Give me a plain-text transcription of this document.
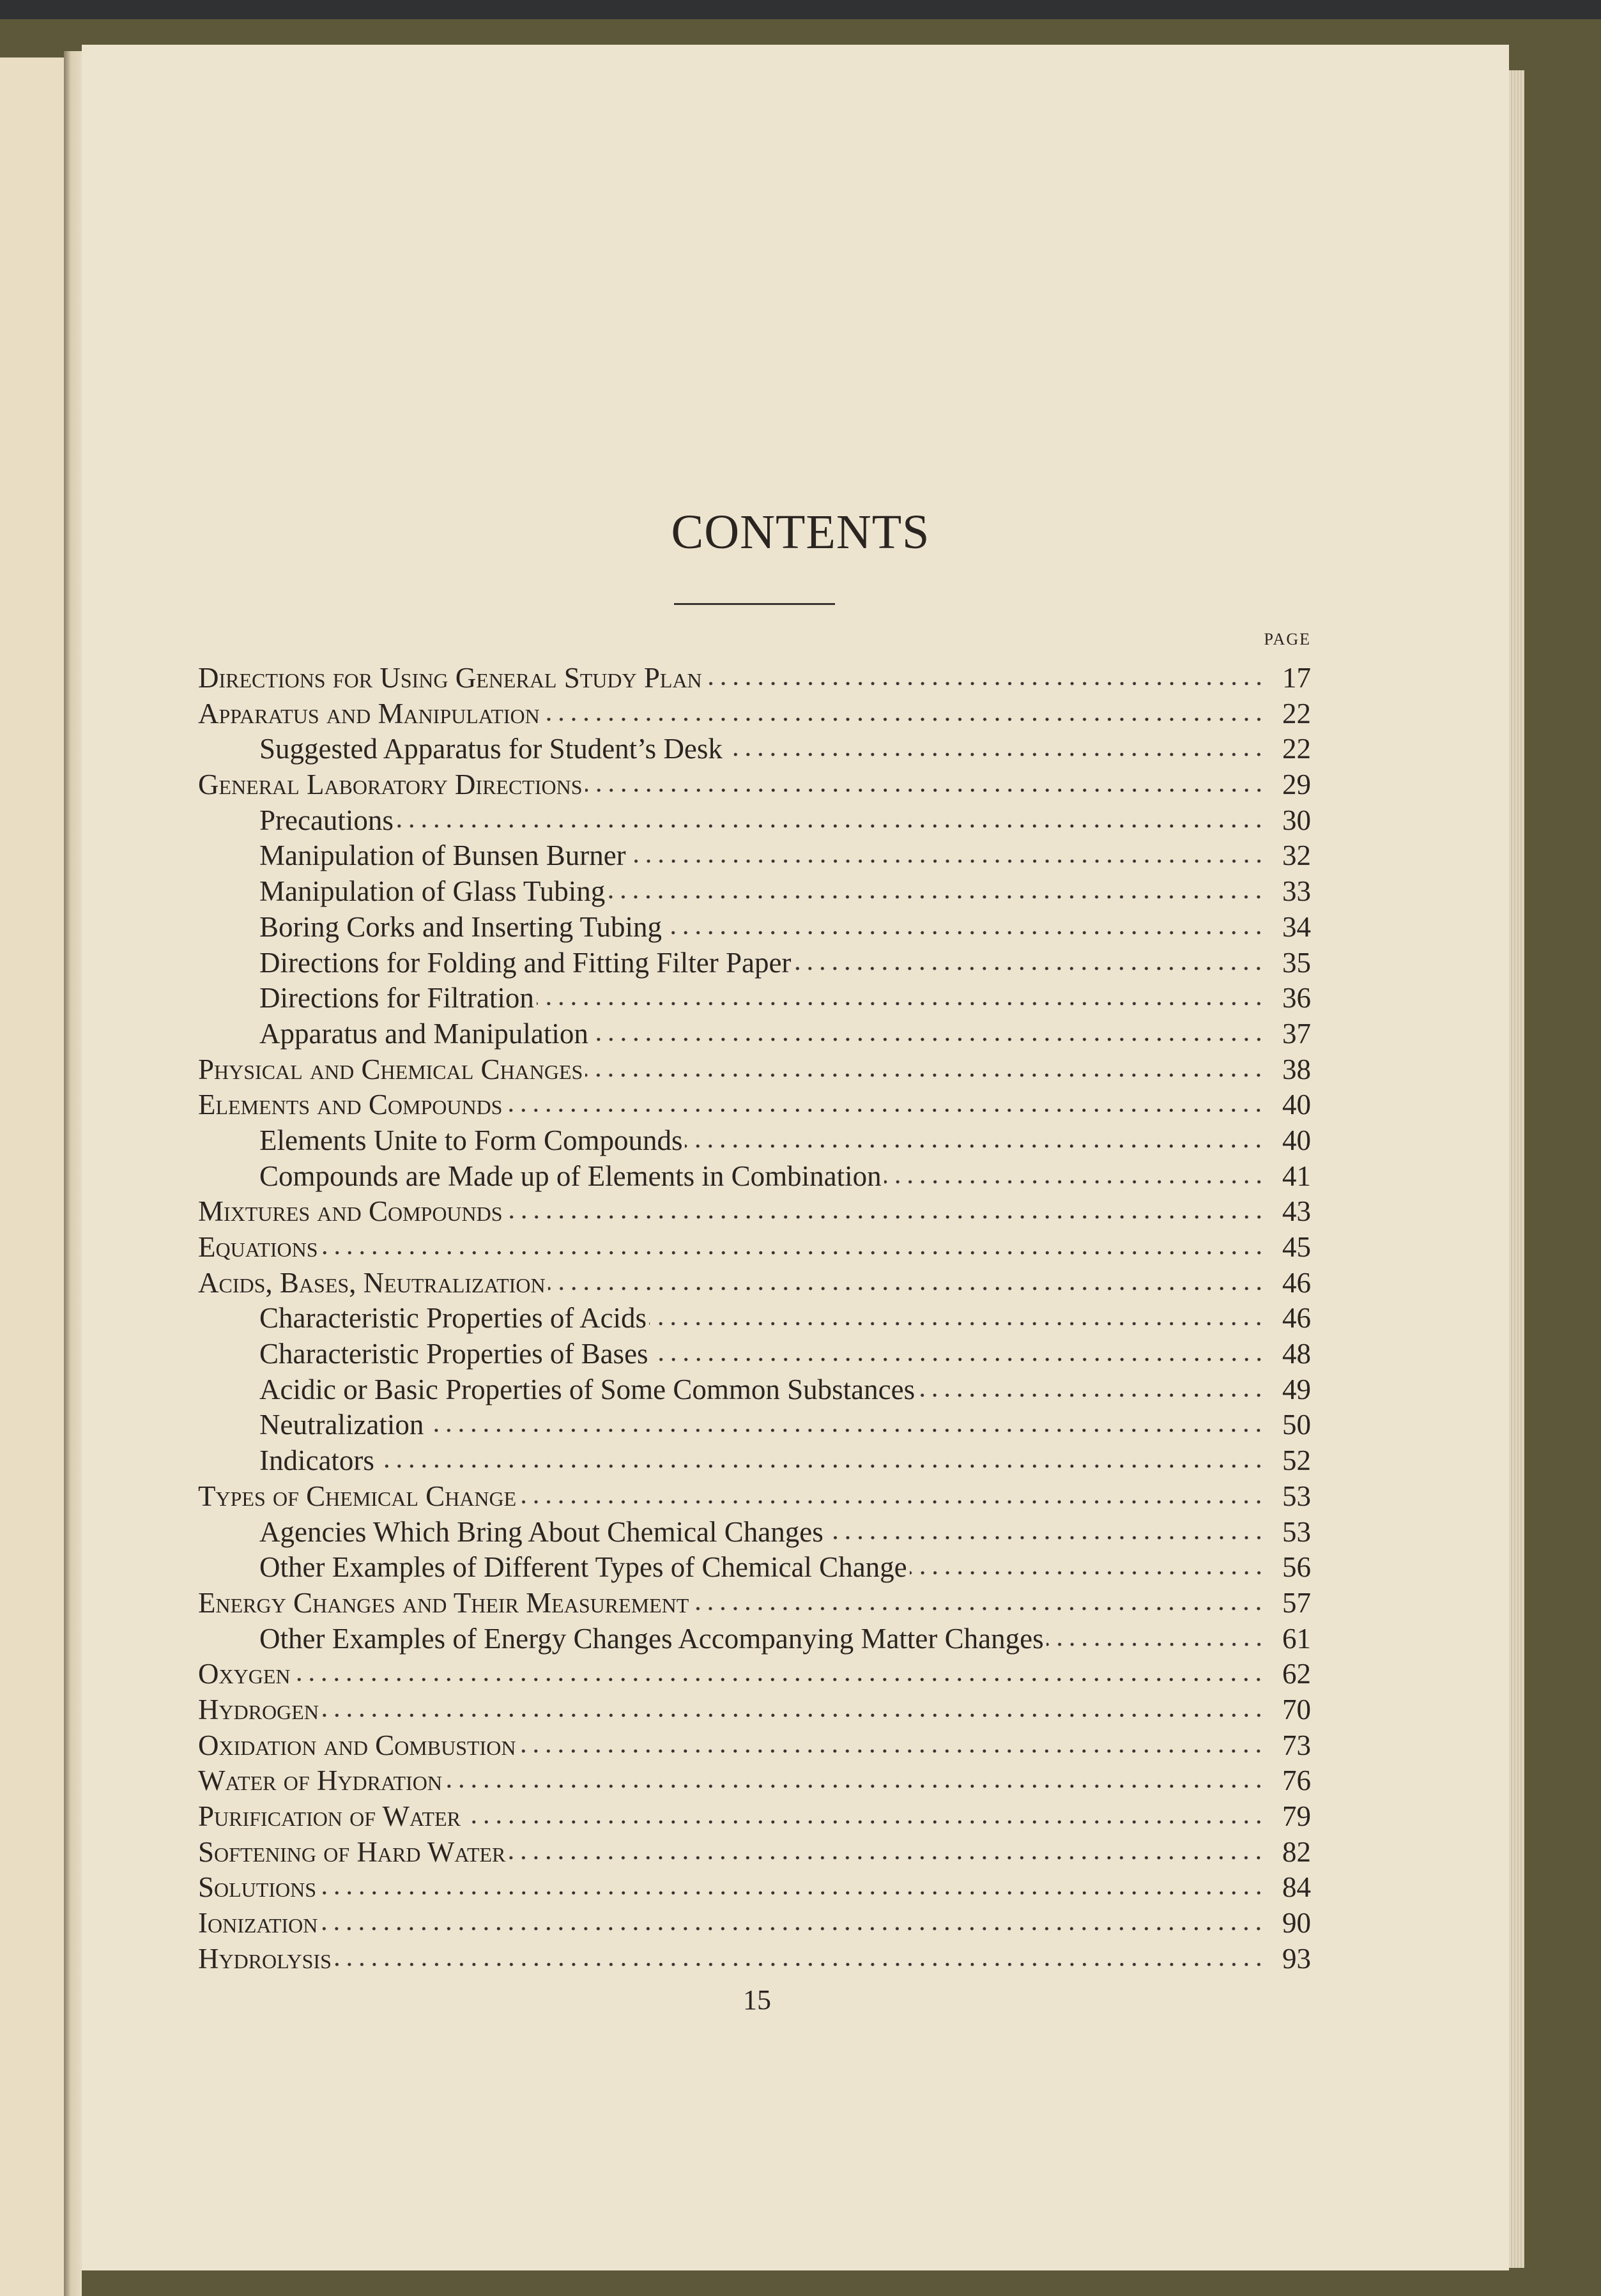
CONTENTS
PAGE
Directions for Using General Study Plan	17
Apparatus and Manipulation	22
Suggested Apparatus for Student’s Desk	22
General Laboratory Directions	29
Precautions	30
Manipulation of Bunsen Burner	32
Manipulation of Glass Tubing	33
Boring Corks and Inserting Tubing	34
Directions for Folding and Fitting Filter Paper	35
Directions for Filtration	36
Apparatus and Manipulation	37
Physical and Chemical Changes	38
Elements and Compounds	40
Elements Unite to Form Compounds	40
Compounds are Made up of Elements in Combination	41
Mixtures and Compounds	43
Equations	45
Acids, Bases, Neutralization	46
Characteristic Properties of Acids	46
Characteristic Properties of Bases	48
Acidic or Basic Properties of Some Common Substances	49
Neutralization	50
Indicators	52
Types of Chemical Change	53
Agencies Which Bring About Chemical Changes	53
Other Examples of Different Types of Chemical Change	56
Energy Changes and Their Measurement	57
Other Examples of Energy Changes Accompanying Matter Changes	61
Oxygen	62
Hydrogen	70
Oxidation and Combustion	73
Water of Hydration	76
Purification of Water	79
Softening of Hard Water	82
Solutions	84
Ionization	90
Hydrolysis	93
15
